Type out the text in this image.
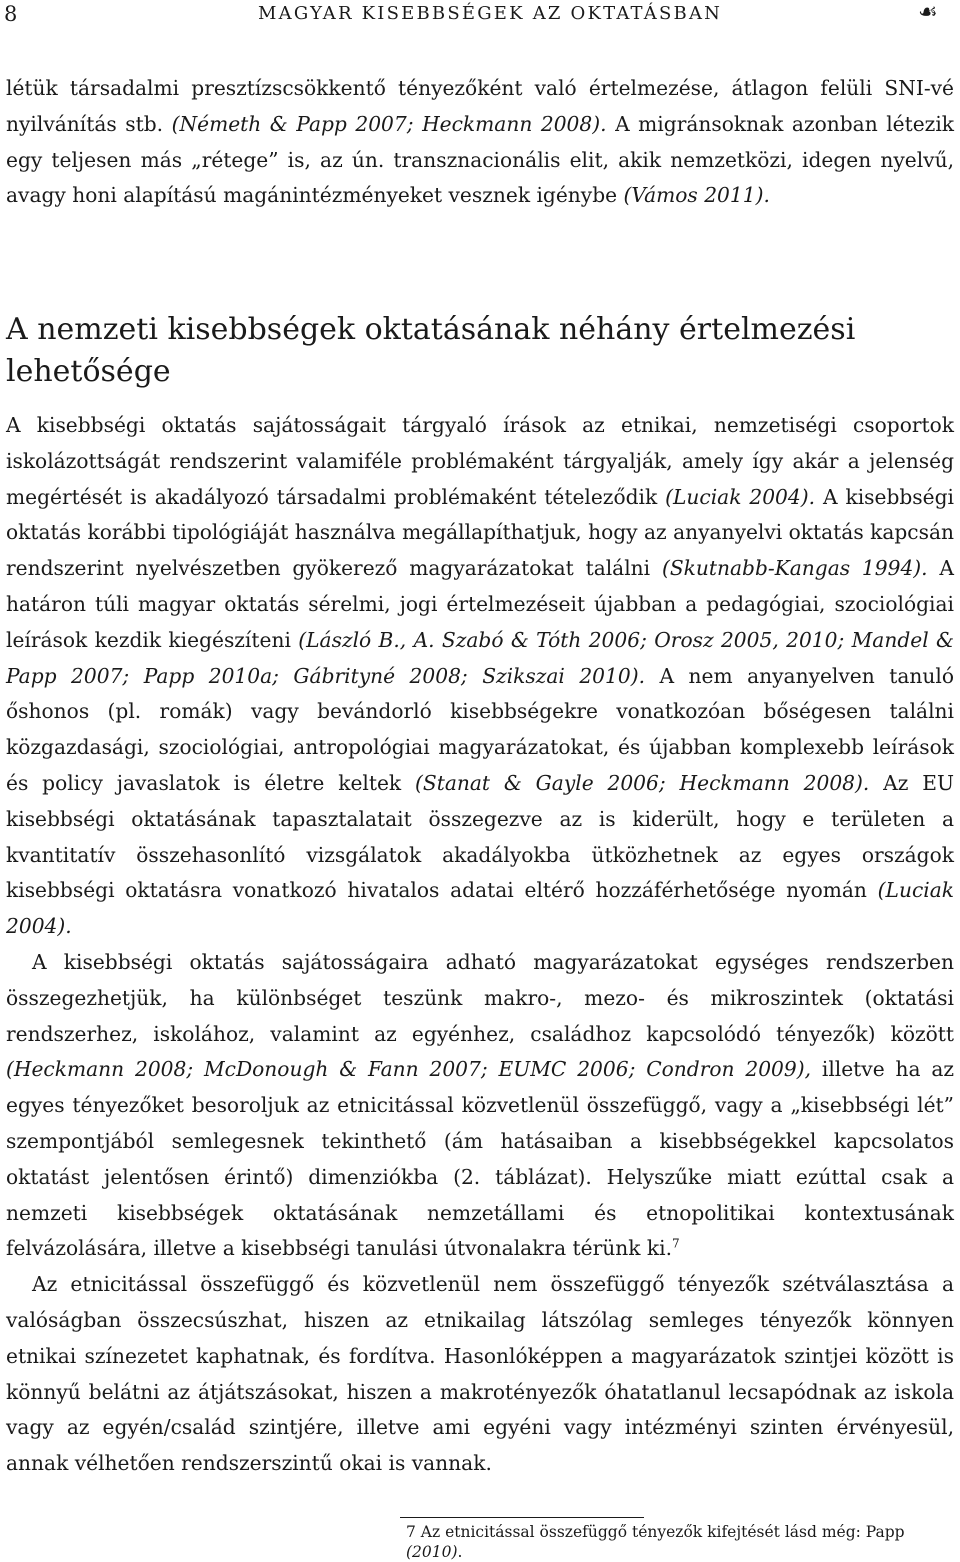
8	MAGYAR KISEBBSÉGEK AZ OKTATÁSBAN	☙

létük társadalmi presztízscsökkentő tényezőként való értelmezése, átlagon felüli SNI-vé nyilvánítás stb. (Németh & Papp 2007; Heckmann 2008). A migránsoknak azonban létezik egy teljesen más „rétege” is, az ún. transznacionális elit, akik nemzetközi, idegen nyelvű, avagy honi alapítású magánintézményeket vesznek igénybe (Vámos 2011).

A nemzeti kisebbségek oktatásának néhány értelmezési lehetősége

A kisebbségi oktatás sajátosságait tárgyaló írások az etnikai, nemzetiségi csoportok iskolázottságát rendszerint valamiféle problémaként tárgyalják, amely így akár a jelenség megértését is akadályozó társadalmi problémaként tételeződik (Luciak 2004). A kisebbségi oktatás korábbi tipológiáját használva megállapíthatjuk, hogy az anyanyelvi oktatás kapcsán rendszerint nyelvészetben gyökerező magyarázatokat találni (Skutnabb-Kangas 1994). A határon túli magyar oktatás sérelmi, jogi értelmezéseit újabban a pedagógiai, szociológiai leírások kezdik kiegészíteni (László B., A. Szabó & Tóth 2006; Orosz 2005, 2010; Mandel & Papp 2007; Papp 2010a; Gábrityné 2008; Szikszai 2010). A nem anyanyelven tanuló őshonos (pl. romák) vagy bevándorló kisebbségekre vonatkozóan bőségesen találni közgazdasági, szociológiai, antropológiai magyarázatokat, és újabban komplexebb leírások és policy javaslatok is életre keltek (Stanat & Gayle 2006; Heckmann 2008). Az EU kisebbségi oktatásának tapasztalatait összegezve az is kiderült, hogy e területen a kvantitatív összehasonlító vizsgálatok akadályokba ütközhetnek az egyes országok kisebbségi oktatásra vonatkozó hivatalos adatai eltérő hozzáférhetősége nyomán (Luciak 2004).

A kisebbségi oktatás sajátosságaira adható magyarázatokat egységes rendszerben összegezhetjük, ha különbséget teszünk makro-, mezo- és mikroszintek (oktatási rendszerhez, iskolához, valamint az egyénhez, családhoz kapcsolódó tényezők) között (Heckmann 2008; McDonough & Fann 2007; EUMC 2006; Condron 2009), illetve ha az egyes tényezőket besoroljuk az etnicitással közvetlenül összefüggő, vagy a „kisebbségi lét” szempontjából semlegesnek tekinthető (ám hatásaiban a kisebbségekkel kapcsolatos oktatást jelentősen érintő) dimenziókba (2. táblázat). Helyszűke miatt ezúttal csak a nemzeti kisebbségek oktatásának nemzetállami és etnopolitikai kontextusának felvázolására, illetve a kisebbségi tanulási útvonalakra térünk ki.$^7$

Az etnicitással összefüggő és közvetlenül nem összefüggő tényezők szétválasztása a valóságban összecsúszhat, hiszen az etnikailag látszólag semleges tényezők könnyen etnikai színezetet kaphatnak, és fordítva. Hasonlóképpen a magyarázatok szintjei között is könnyű belátni az átjátszásokat, hiszen a makrotényezők óhatatlanul lecsapódnak az iskola vagy az egyén/család szintjére, illetve ami egyéni vagy intézményi szinten érvényesül, annak vélhetően rendszerszintű okai is vannak.

7 Az etnicitással összefüggő tényezők kifejtését lásd még: Papp (2010).
